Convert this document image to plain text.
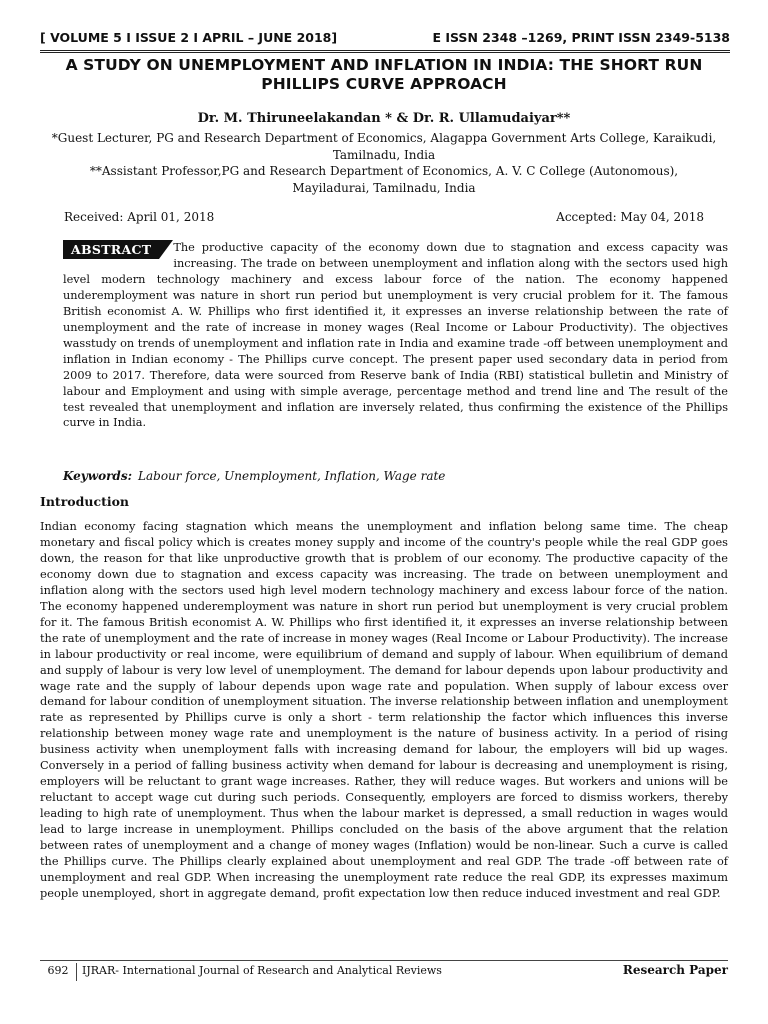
[ VOLUME 5 I ISSUE 2 I APRIL – JUNE 2018]	E ISSN 2348 –1269, PRINT ISSN 2349-5138
A STUDY ON UNEMPLOYMENT AND INFLATION IN INDIA: THE SHORT RUN PHILLIPS CURVE APPROACH
Dr. M. Thiruneelakandan * & Dr. R. Ullamudaiyar**
*Guest Lecturer, PG and Research Department of Economics, Alagappa Government Arts College, Karaikudi, Tamilnadu, India
**Assistant Professor,PG and Research Department of Economics, A. V. C College (Autonomous), Mayiladurai, Tamilnadu, India
Received: April 01, 2018	Accepted: May 04, 2018

ABSTRACT	The productive capacity of the economy down due to stagnation and excess capacity was increasing. The trade on between unemployment and inflation along with the sectors used high level modern technology machinery and excess labour force of the nation. The economy happened underemployment was nature in short run period but unemployment is very crucial problem for it. The famous British economist A. W. Phillips who first identified it, it expresses an inverse relationship between the rate of unemployment and the rate of increase in money wages (Real Income or Labour Productivity). The objectives wasstudy on trends of unemployment and inflation rate in India and examine trade -off between unemployment and inflation in Indian economy - The Phillips curve concept. The present paper used secondary data in period from 2009 to 2017. Therefore, data were sourced from Reserve bank of India (RBI) statistical bulletin and Ministry of labour and Employment and using with simple average, percentage method and trend line and The result of the test revealed that unemployment and inflation are inversely related, thus confirming the existence of the Phillips curve in India.

Keywords: Labour force, Unemployment, Inflation, Wage rate
Introduction

Indian economy facing stagnation which means the unemployment and inflation belong same time. The cheap monetary and fiscal policy which is creates money supply and income of the country's people while the real GDP goes down, the reason for that like unproductive growth that is problem of our economy. The productive capacity of the economy down due to stagnation and excess capacity was increasing. The trade on between unemployment and inflation along with the sectors used high level modern technology machinery and excess labour force of the nation. The economy happened underemployment was nature in short run period but unemployment is very crucial problem for it. The famous British economist A. W. Phillips who first identified it, it expresses an inverse relationship between the rate of unemployment and the rate of increase in money wages (Real Income or Labour Productivity). The increase in labour productivity or real income, were equilibrium of demand and supply of labour. When equilibrium of demand and supply of labour is very low level of unemployment. The demand for labour depends upon labour productivity and wage rate and the supply of labour depends upon wage rate and population. When supply of labour excess over demand for labour condition of unemployment situation. The inverse relationship between inflation and unemployment rate as represented by Phillips curve is only a short - term relationship the factor which influences this inverse relationship between money wage rate and unemployment is the nature of business activity. In a period of rising business activity when unemployment falls with increasing demand for labour, the employers will bid up wages. Conversely in a period of falling business activity when demand for labour is decreasing and unemployment is rising, employers will be reluctant to grant wage increases. Rather, they will reduce wages. But workers and unions will be reluctant to accept wage cut during such periods. Consequently, employers are forced to dismiss workers, thereby leading to high rate of unemployment. Thus when the labour market is depressed, a small reduction in wages would lead to large increase in unemployment. Phillips concluded on the basis of the above argument that the relation between rates of unemployment and a change of money wages (Inflation) would be non-linear. Such a curve is called the Phillips curve. The Phillips clearly explained about unemployment and real GDP. The trade -off between rate of unemployment and real GDP. When increasing the unemployment rate reduce the real GDP, its expresses maximum people unemployed, short in aggregate demand, profit expectation low then reduce induced investment and real GDP.

692	IJRAR- International Journal of Research and Analytical Reviews	Research Paper
